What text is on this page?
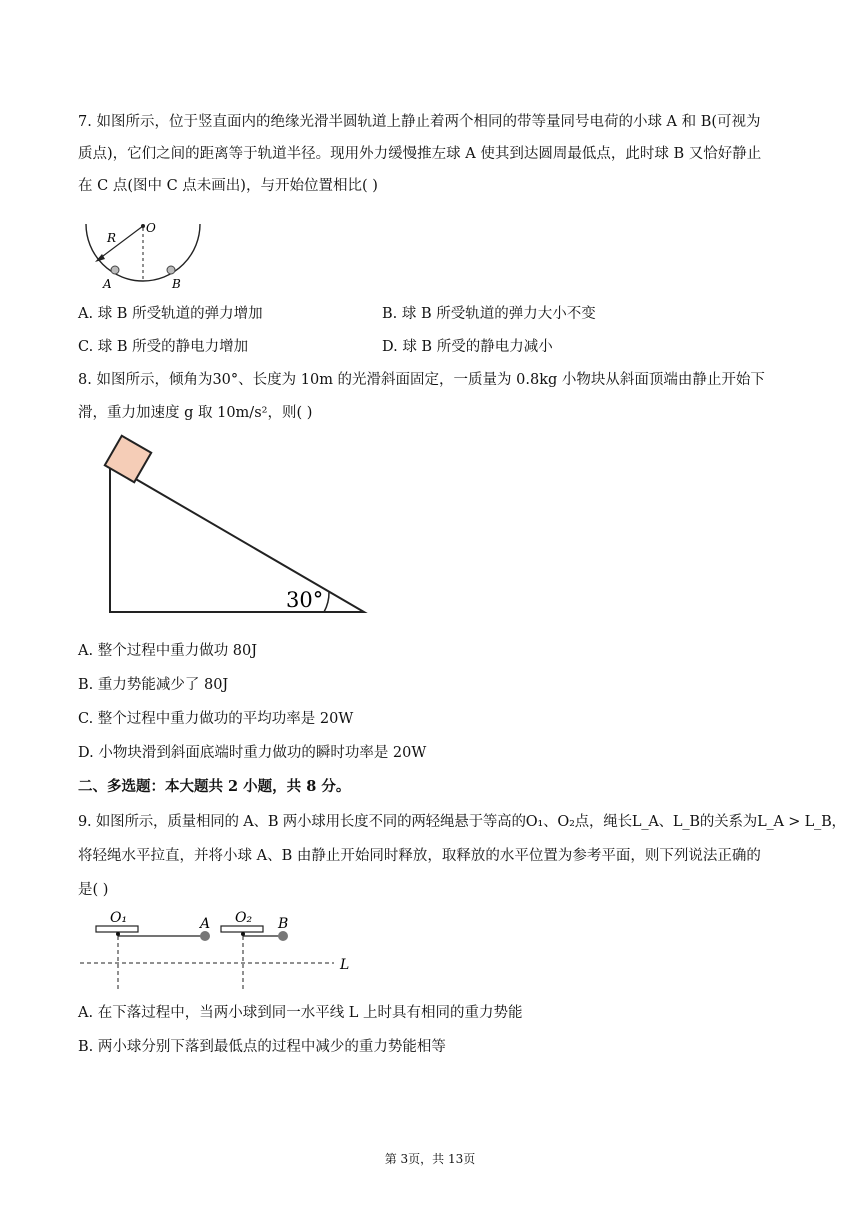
7. 如图所示，位于竖直面内的绝缘光滑半圆轨道上静止着两个相同的带等量同号电荷的小球 A 和 B(可视为
质点)，它们之间的距离等于轨道半径。现用外力缓慢推左球 A 使其到达圆周最低点，此时球 B 又恰好静止
在 C 点(图中 C 点未画出)，与开始位置相比( )
R
O
A	B
A. 球 B 所受轨道的弹力增加	B. 球 B 所受轨道的弹力大小不变
C. 球 B 所受的静电力增加	D. 球 B 所受的静电力减小
8. 如图所示，倾角为30°、长度为 10m 的光滑斜面固定，一质量为 0.8kg 小物块从斜面顶端由静止开始下
滑，重力加速度 g 取 10m/s²，则( )
30°
A. 整个过程中重力做功 80J
B. 重力势能减少了 80J
C. 整个过程中重力做功的平均功率是 20W
D. 小物块滑到斜面底端时重力做功的瞬时功率是 20W
二、多选题：本大题共 2 小题，共 8 分。
9. 如图所示，质量相同的 A、B 两小球用长度不同的两轻绳悬于等高的O₁、O₂点，绳长L_A、L_B的关系为L_A > L_B，
将轻绳水平拉直，并将小球 A、B 由静止开始同时释放，取释放的水平位置为参考平面，则下列说法正确的
是( )
O₁	O₂
A	B
L
A. 在下落过程中，当两小球到同一水平线 L 上时具有相同的重力势能
B. 两小球分别下落到最低点的过程中减少的重力势能相等
第 3页，共 13页
